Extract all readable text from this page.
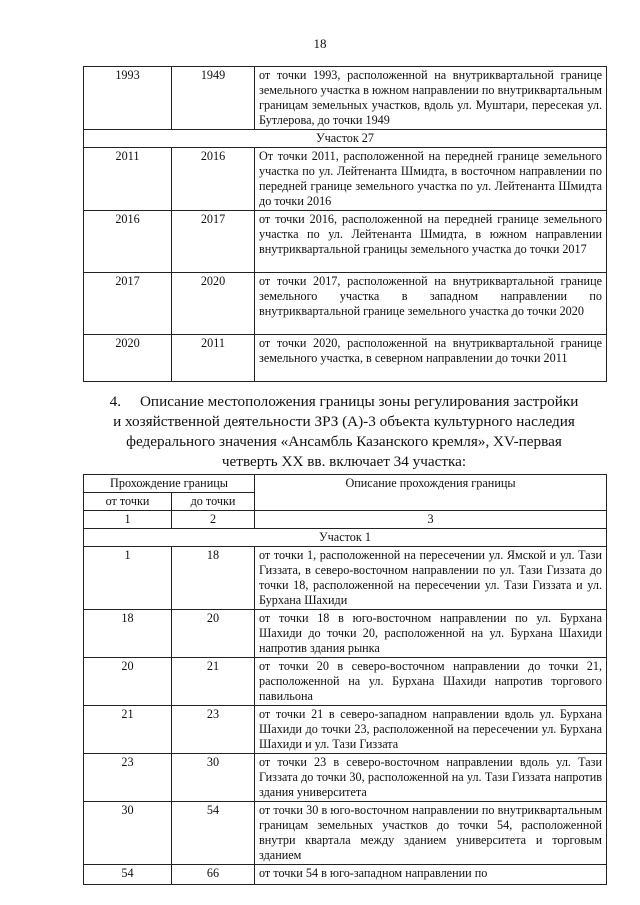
18
1993	1949	от точки 1993, расположенной на внутриквартальной границе земельного участка в южном направлении по внутриквартальным границам земельных участков, вдоль ул. Муштари, пересекая ул. Бутлерова, до точки 1949
Участок 27		
2011	2016	От точки 2011, расположенной на передней границе земельного участка по ул. Лейтенанта Шмидта, в восточном направлении по передней границе земельного участка по ул. Лейтенанта Шмидта до точки 2016
2016	2017	от точки 2016, расположенной на передней границе земельного участка по ул. Лейтенанта Шмидта, в южном направлении внутриквартальной границы земельного участка до точки 2017
2017	2020	от точки 2017, расположенной на внутриквартальной границе земельного участка в западном направлении по внутриквартальной границе земельного участка до точки 2020
2020	2011	от точки 2020, расположенной на внутриквартальной границе земельного участка, в северном направлении до точки 2011
4.     Описание местоположения границы зоны регулирования застройки и хозяйственной деятельности ЗРЗ (А)-3 объекта культурного наследия федерального значения «Ансамбль Казанского кремля», XV-первая четверть XX вв. включает 34 участка:
Прохождение границы		Описание прохождения границы
от точки	до точки	
1	2	3
Участок 1		
1	18	от точки 1, расположенной на пересечении ул. Ямской и ул. Тази Гиззата, в северо-восточном направлении по ул. Тази Гиззата до точки 18, расположенной на пересечении ул. Тази Гиззата и ул. Бурхана Шахиди
18	20	от точки 18 в юго-восточном направлении по ул. Бурхана Шахиди до точки 20, расположенной на ул. Бурхана Шахиди напротив здания рынка
20	21	от точки 20 в северо-восточном направлении до точки 21, расположенной на ул. Бурхана Шахиди напротив торгового павильона
21	23	от точки 21 в северо-западном направлении вдоль ул. Бурхана Шахиди до точки 23, расположенной на пересечении ул. Бурхана Шахиди и ул. Тази Гиззата
23	30	от точки 23 в северо-восточном направлении вдоль ул. Тази Гиззата до точки 30, расположенной на ул. Тази Гиззата напротив здания университета
30	54	от точки 30 в юго-восточном направлении по внутриквартальным границам земельных участков до точки 54, расположенной внутри квартала между зданием университета и торговым зданием
54	66	от точки 54 в юго-западном направлении по
